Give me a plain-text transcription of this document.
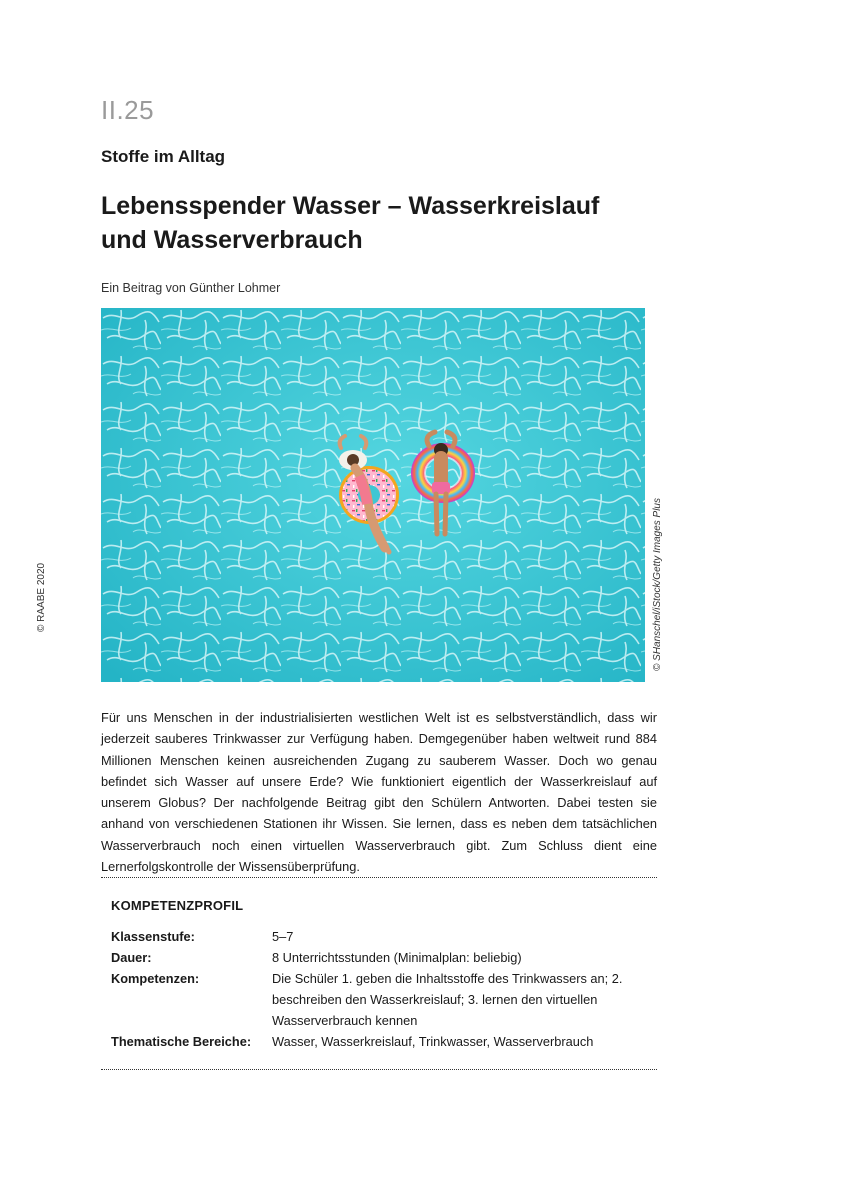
II.25
Stoffe im Alltag
Lebensspender Wasser – Wasserkreislauf
und Wasserverbrauch
Ein Beitrag von Günther Lohmer
© SHanschel/iStock/Getty Images Plus
© RAABE 2020

Für uns Menschen in der industrialisierten westlichen Welt ist es selbstverständlich, dass wir jederzeit sauberes Trinkwasser zur Verfügung haben. Demgegenüber haben weltweit rund 884 Millionen Menschen keinen ausreichenden Zugang zu sauberem Wasser. Doch wo genau befindet sich Wasser auf unsere Erde? Wie funktioniert eigentlich der Wasserkreislauf auf unserem Globus? Der nachfolgende Beitrag gibt den Schülern Antworten. Dabei testen sie anhand von verschiedenen Stationen ihr Wissen. Sie lernen, dass es neben dem tatsächlichen Wasserverbrauch noch einen virtuellen Wasserverbrauch gibt. Zum Schluss dient eine Lernerfolgskontrolle der Wissensüberprüfung.

KOMPETENZPROFIL
Klassenstufe:	5–7
Dauer:	8 Unterrichtsstunden (Minimalplan: beliebig)
Kompetenzen:	Die Schüler 1. geben die Inhaltsstoffe des Trinkwassers an; 2. beschreiben den Wasserkreislauf; 3. lernen den virtuellen Wasserverbrauch kennen
Thematische Bereiche:	Wasser, Wasserkreislauf, Trinkwasser, Wasserverbrauch
